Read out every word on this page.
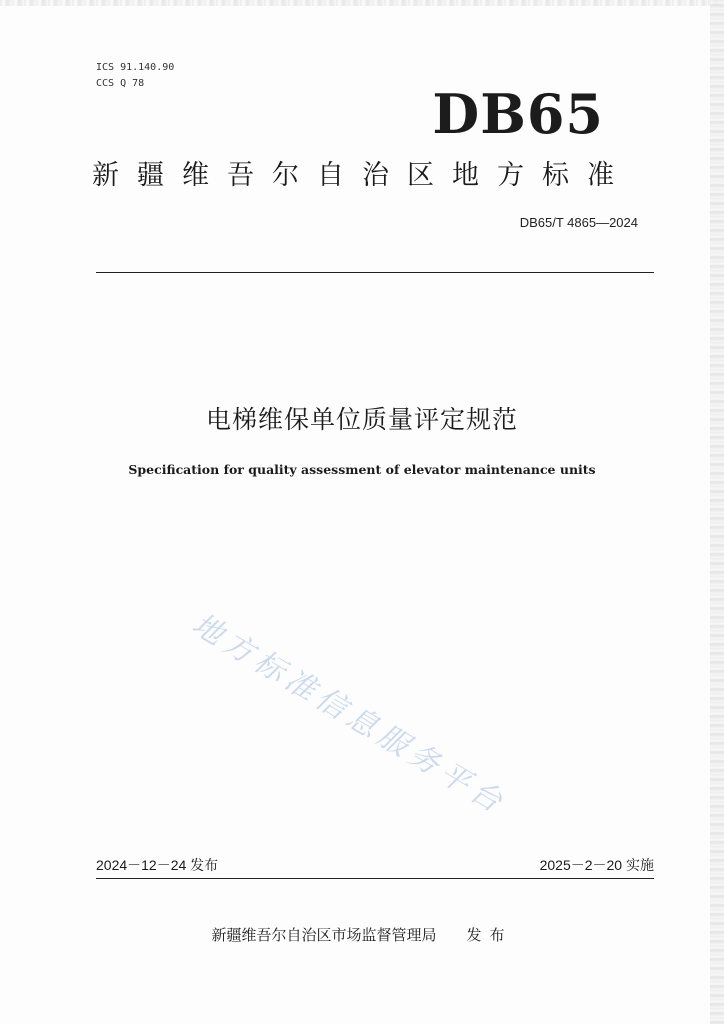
ICS 91.140.90
CCS Q 78	DB65
新疆维吾尔自治区地方标准
DB65/T 4865—2024
电梯维保单位质量评定规范
Specification for quality assessment of elevator maintenance units
地方标准信息服务平台
2024－12－24 发布	2025－2－20 实施
新疆维吾尔自治区市场监督管理局 发布
